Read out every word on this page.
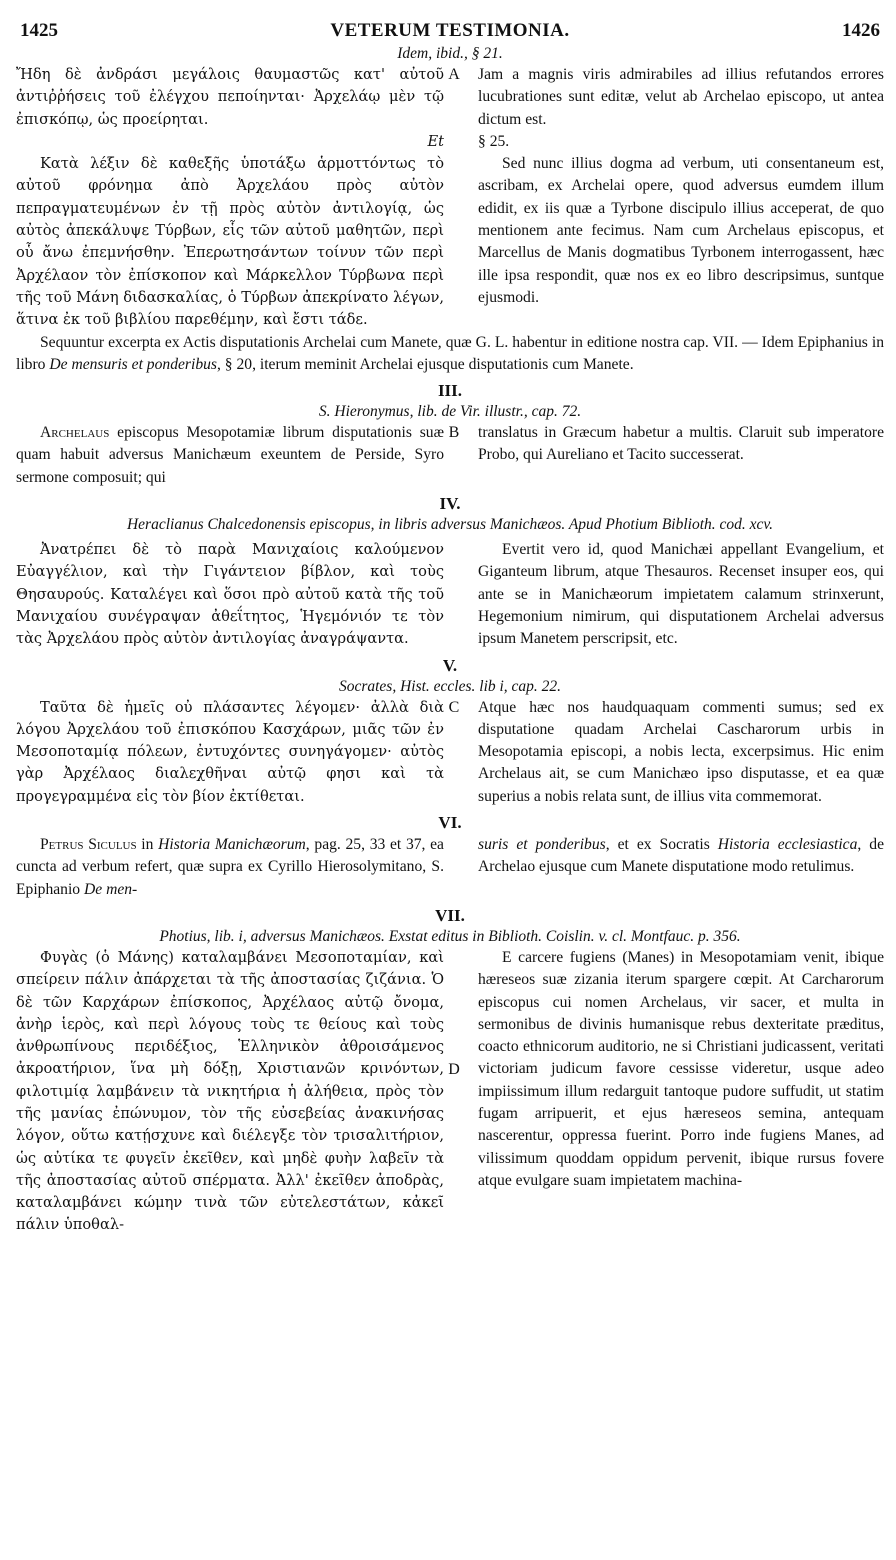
1425	VETERUM TESTIMONIA.	1426
Idem, ibid., § 21.
Ἤδη δὲ ἀνδράσι μεγάλοις θαυμαστῶς κατ' αὐτοῦ ἀντιῤῥήσεις τοῦ ἐλέγχου πεποίηνται· Ἀρχελάῳ μὲν τῷ ἐπισκόπῳ, ὡς προείρηται.
A	Jam a magnis viris admirabiles ad illius refutandos errores lucubrationes sunt editæ, velut ab Archelao episcopo, ut antea dictum est.
Et	§ 25.
Κατὰ λέξιν δὲ καθεξῆς ὑποτάξω ἁρμοττόντως τὸ αὐτοῦ φρόνημα ἀπὸ Ἀρχελάου πρὸς αὐτὸν πεπραγματευμένων ἐν τῇ πρὸς αὐτὸν ἀντιλογίᾳ, ὡς αὐτὸς ἀπεκάλυψε Τύρβων, εἷς τῶν αὐτοῦ μαθητῶν, περὶ οὗ ἄνω ἐπεμνήσθην. Ἐπερωτησάντων τοίνυν τῶν περὶ Ἀρχέλαον τὸν ἐπίσκοπον καὶ Μάρκελλον Τύρβωνα περὶ τῆς τοῦ Μάνη διδασκαλίας, ὁ Τύρβων ἀπεκρίνατο λέγων, ἅτινα ἐκ τοῦ βιβλίου παρεθέμην, καὶ ἔστι τάδε.
Sed nunc illius dogma ad verbum, uti consentaneum est, ascribam, ex Archelai opere, quod adversus eumdem illum edidit, ex iis quæ a Tyrbone discipulo illius acceperat, de quo mentionem ante fecimus. Nam cum Archelaus episcopus, et Marcellus de Manis dogmatibus Tyrbonem interrogassent, hæc ille ipsa respondit, quæ nos ex eo libro descripsimus, suntque ejusmodi.
Sequuntur excerpta ex Actis disputationis Archelai cum Manete, quæ G. L. habentur in editione nostra cap. VII. — Idem Epiphanius in libro De mensuris et ponderibus, § 20, iterum meminit Archelai ejusque disputationis cum Manete.
III.
S. Hieronymus, lib. de Vir. illustr., cap. 72.
Archelaus episcopus Mesopotamiæ librum disputationis suæ quam habuit adversus Manichæum exeuntem de Perside, Syro sermone composuit; qui
B	translatus in Græcum habetur a multis. Claruit sub imperatore Probo, qui Aureliano et Tacito successerat.
IV.
Heraclianus Chalcedonensis episcopus, in libris adversus Manichæos. Apud Photium Biblioth. cod. xcv.
Ἀνατρέπει δὲ τὸ παρὰ Μανιχαίοις καλούμενον Εὐαγγέλιον, καὶ τὴν Γιγάντειον βίβλον, καὶ τοὺς Θησαυρούς. Καταλέγει καὶ ὅσοι πρὸ αὐτοῦ κατὰ τῆς τοῦ Μανιχαίου συνέγραψαν ἀθεΐτητος, Ἡγεμόνιόν τε τὸν τὰς Ἀρχελάου πρὸς αὐτὸν ἀντιλογίας ἀναγράψαντα.
Evertit vero id, quod Manichæi appellant Evangelium, et Giganteum librum, atque Thesauros. Recenset insuper eos, qui ante se in Manichæorum impietatem calamum strinxerunt, Hegemonium nimirum, qui disputationem Archelai adversus ipsum Manetem perscripsit, etc.
V.
Socrates, Hist. eccles. lib i, cap. 22.
Ταῦτα δὲ ἡμεῖς οὐ πλάσαντες λέγομεν· ἀλλὰ διὰ λόγου Ἀρχελάου τοῦ ἐπισκόπου Κασχάρων, μιᾶς τῶν ἐν Μεσοποταμίᾳ πόλεων, ἐντυχόντες συνηγάγομεν· αὐτὸς γὰρ Ἀρχέλαος διαλεχθῆναι αὐτῷ φησι καὶ τὰ προγεγραμμένα εἰς τὸν βίον ἐκτίθεται.
C	Atque hæc nos haudquaquam commenti sumus; sed ex disputatione quadam Archelai Cascharorum urbis in Mesopotamia episcopi, a nobis lecta, excerpsimus. Hic enim Archelaus ait, se cum Manichæo ipso disputasse, et ea quæ superius a nobis relata sunt, de illius vita commemorat.
VI.
Petrus Siculus in Historia Manichæorum, pag. 25, 33 et 37, ea cuncta ad verbum refert, quæ supra ex Cyrillo Hierosolymitano, S. Epiphanio De men-
suris et ponderibus, et ex Socratis Historia ecclesiastica, de Archelao ejusque cum Manete disputatione modo retulimus.
VII.
Photius, lib. i, adversus Manichæos. Exstat editus in Biblioth. Coislin. v. cl. Montfauc. p. 356.
Φυγὰς (ὁ Μάνης) καταλαμβάνει Μεσοποταμίαν, καὶ σπείρειν πάλιν ἀπάρχεται τὰ τῆς ἀποστασίας ζιζάνια. Ὁ δὲ τῶν Καρχάρων ἐπίσκοπος, Ἀρχέλαος αὐτῷ ὄνομα, ἀνὴρ ἱερὸς, καὶ περὶ λόγους τοὺς τε θείους καὶ τοὺς ἀνθρωπίνους περιδέξιος, Ἑλληνικὸν ἀθροισάμενος ἀκροατήριον, ἵνα μὴ δόξῃ, Χριστιανῶν κρινόντων, φιλοτιμίᾳ λαμβάνειν τὰ νικητήρια ἡ ἀλήθεια, πρὸς τὸν τῆς μανίας ἐπώνυμον, τὸν τῆς εὐσεβείας ἀνακινήσας λόγον, οὕτω κατῄσχυνε καὶ διέλεγξε τὸν τρισαλιτήριον, ὡς αὐτίκα τε φυγεῖν ἐκεῖθεν, καὶ μηδὲ φυὴν λαβεῖν τὰ τῆς ἀποστασίας αὐτοῦ σπέρματα. Ἀλλ' ἐκεῖθεν ἀποδρὰς, καταλαμβάνει κώμην τινὰ τῶν εὐτελεστάτων, κἀκεῖ πάλιν ὑποθαλ-
D
E carcere fugiens (Manes) in Mesopotamiam venit, ibique hæreseos suæ zizania iterum spargere cœpit. At Carcharorum episcopus cui nomen Archelaus, vir sacer, et multa in sermonibus de divinis humanisque rebus dexteritate præditus, coacto ethnicorum auditorio, ne si Christiani judicassent, veritati victoriam judicum favore cessisse videretur, usque adeo impiissimum illum redarguit tantoque pudore suffudit, ut statim fugam arripuerit, et ejus hæreseos semina, antequam nascerentur, oppressa fuerint. Porro inde fugiens Manes, ad vilissimum quoddam oppidum pervenit, ibique rursus fovere atque evulgare suam impietatem machina-
